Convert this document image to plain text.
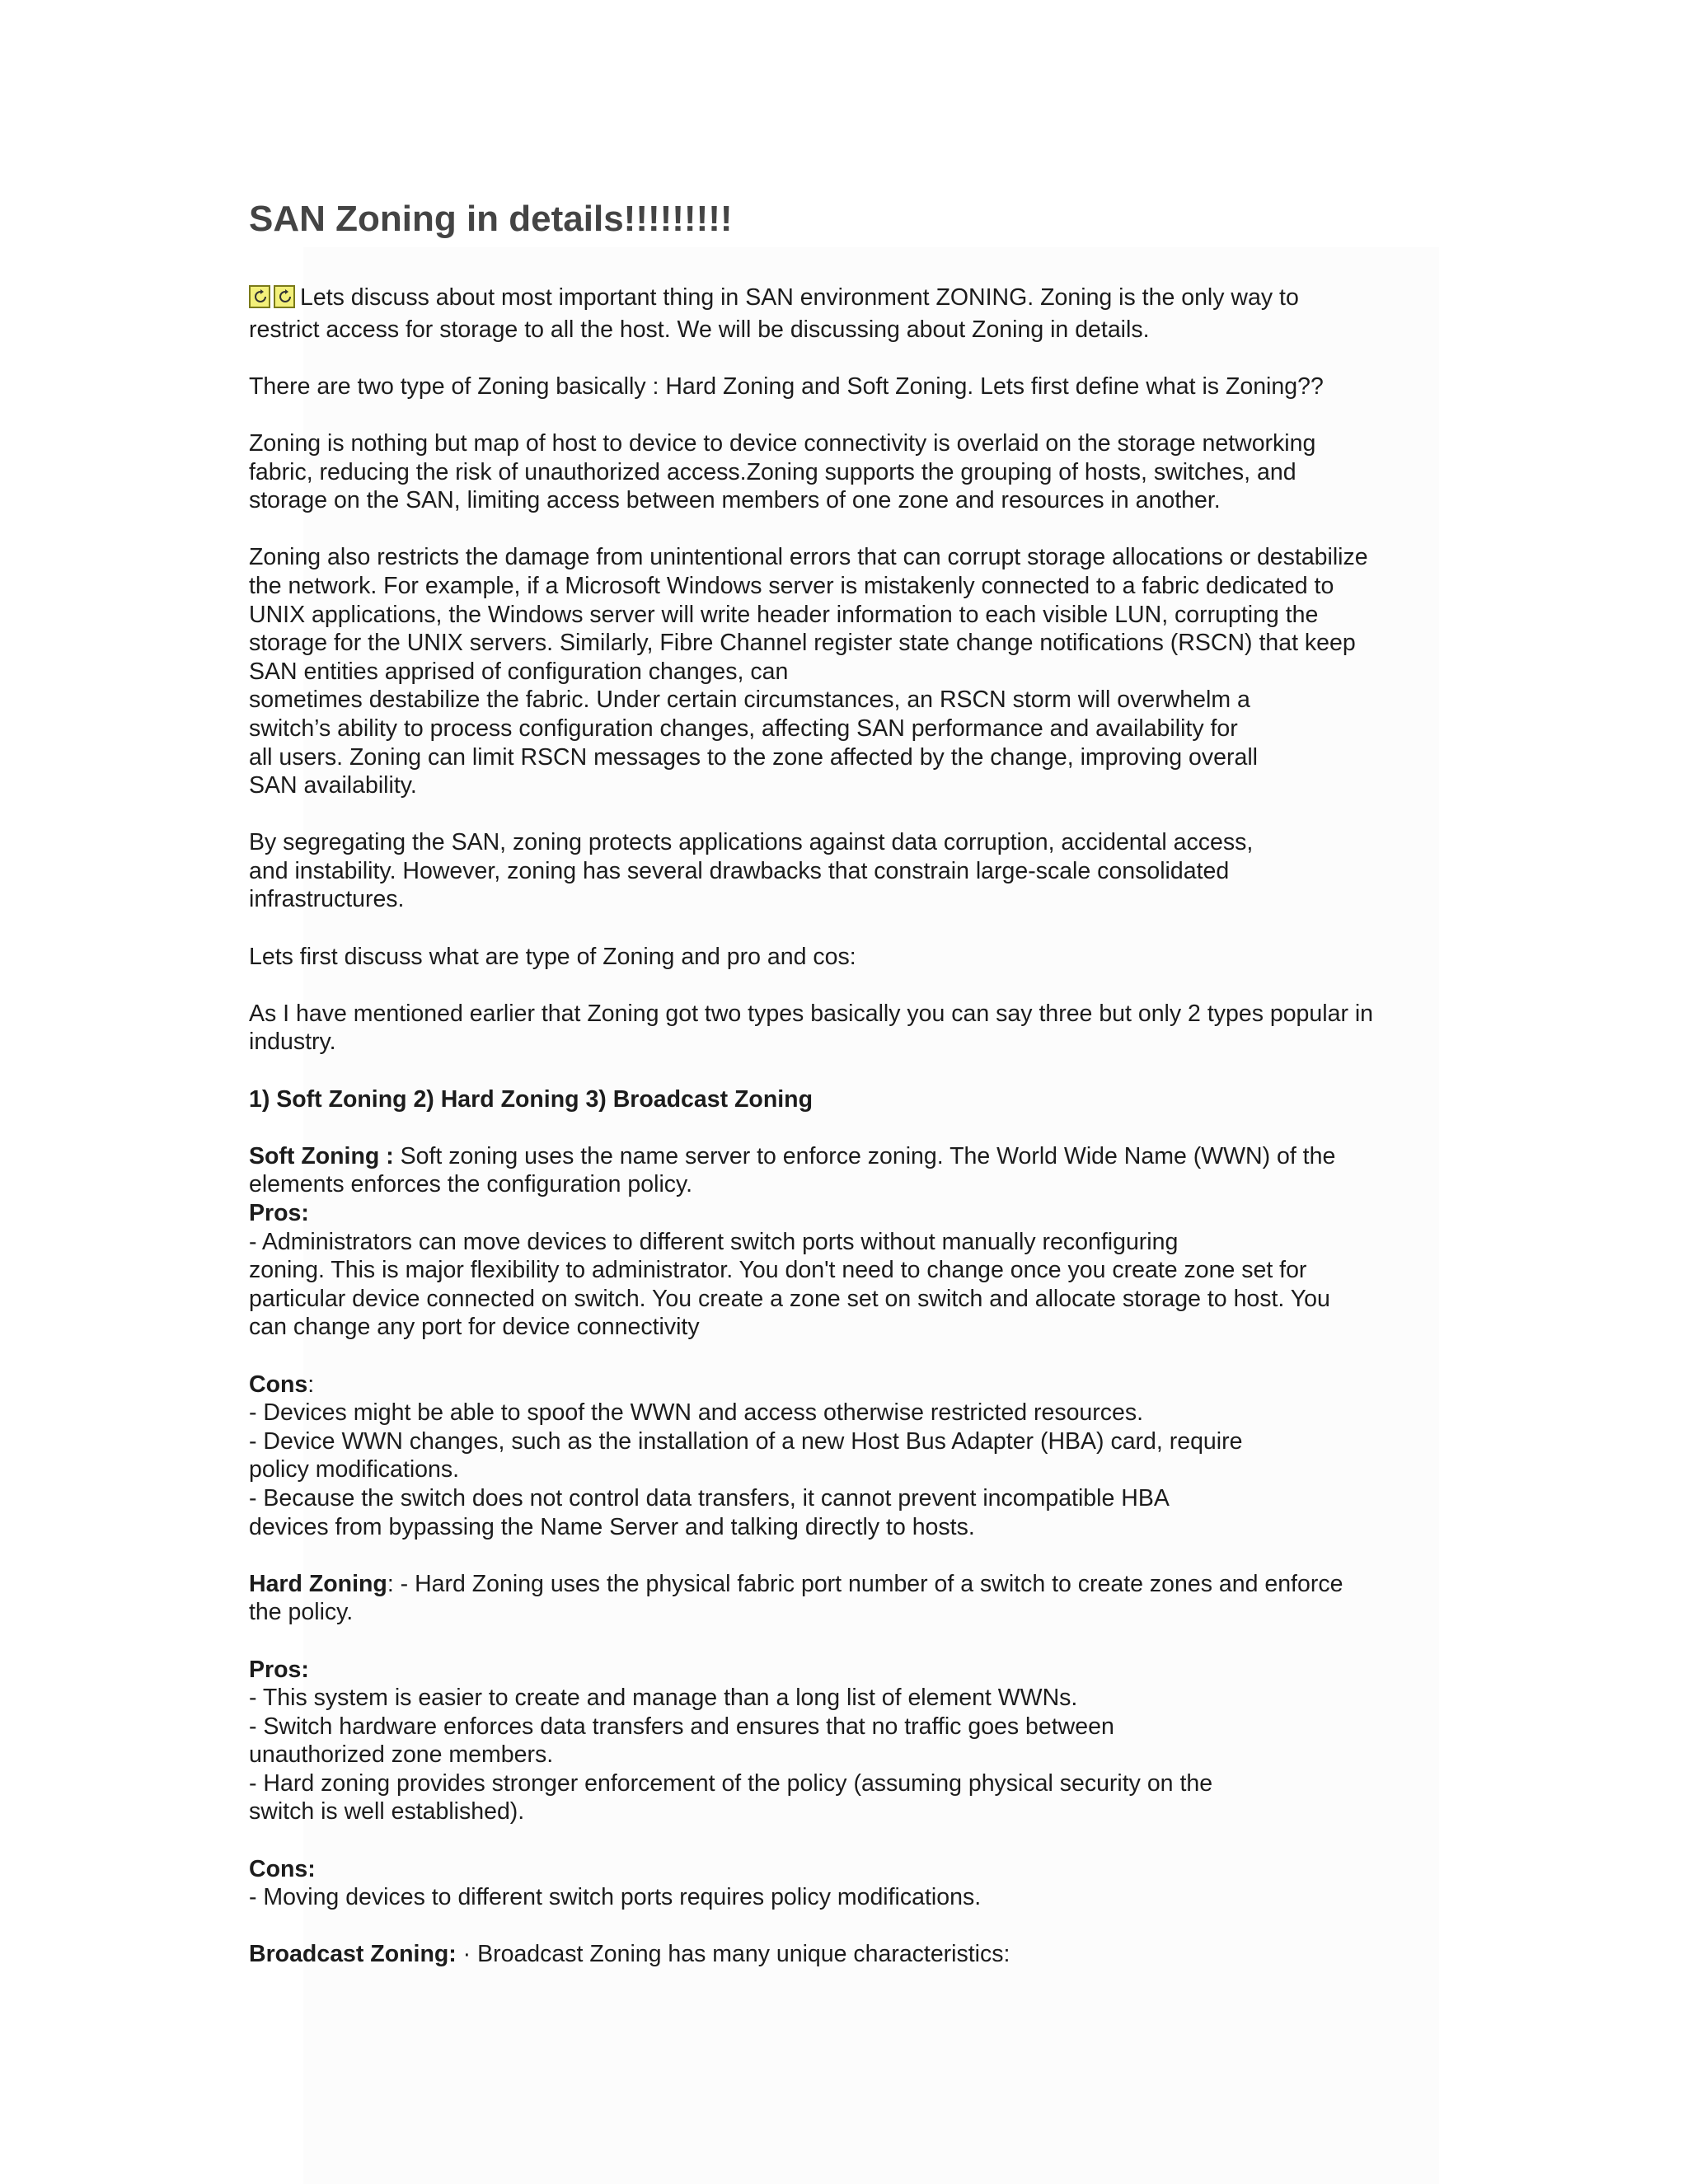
SAN Zoning in details!!!!!!!!!
Lets discuss about most important thing in SAN environment ZONING. Zoning is the only way to
restrict access for storage to all the host. We will be discussing about Zoning in details.
There are two type of Zoning basically : Hard Zoning and Soft Zoning. Lets first define what is Zoning??
Zoning is nothing but map of host to device to device connectivity is overlaid on the storage networking
fabric, reducing the risk of unauthorized access.Zoning supports the grouping of hosts, switches, and
storage on the SAN, limiting access between members of one zone and resources in another.
Zoning also restricts the damage from unintentional errors that can corrupt storage allocations or destabilize
the network. For example, if a Microsoft Windows server is mistakenly connected to a fabric dedicated to
UNIX applications, the Windows server will write header information to each visible LUN, corrupting the
storage for the UNIX servers. Similarly, Fibre Channel register state change notifications (RSCN) that keep
SAN entities apprised of configuration changes, can
sometimes destabilize the fabric. Under certain circumstances, an RSCN storm will overwhelm a
switch’s ability to process configuration changes, affecting SAN performance and availability for
all users. Zoning can limit RSCN messages to the zone affected by the change, improving overall
SAN availability.
By segregating the SAN, zoning protects applications against data corruption, accidental access,
and instability. However, zoning has several drawbacks that constrain large-scale consolidated
infrastructures.
Lets first discuss what are type of Zoning and pro and cos:
As I have mentioned earlier that Zoning got two types basically you can say three but only 2 types popular in
industry.
1) Soft Zoning 2) Hard Zoning 3) Broadcast Zoning
Soft Zoning : Soft zoning uses the name server to enforce zoning. The World Wide Name (WWN) of the
elements enforces the configuration policy.
Pros:
- Administrators can move devices to different switch ports without manually reconfiguring
zoning. This is major flexibility to administrator. You don't need to change once you create zone set for
particular device connected on switch. You create a zone set on switch and allocate storage to host. You
can change any port for device connectivity
Cons:
- Devices might be able to spoof the WWN and access otherwise restricted resources.
- Device WWN changes, such as the installation of a new Host Bus Adapter (HBA) card, require
policy modifications.
- Because the switch does not control data transfers, it cannot prevent incompatible HBA
devices from bypassing the Name Server and talking directly to hosts.
Hard Zoning: - Hard Zoning uses the physical fabric port number of a switch to create zones and enforce
the policy.
Pros:
- This system is easier to create and manage than a long list of element WWNs.
- Switch hardware enforces data transfers and ensures that no traffic goes between
unauthorized zone members.
- Hard zoning provides stronger enforcement of the policy (assuming physical security on the
switch is well established).
Cons:
- Moving devices to different switch ports requires policy modifications.
Broadcast Zoning: · Broadcast Zoning has many unique characteristics:
